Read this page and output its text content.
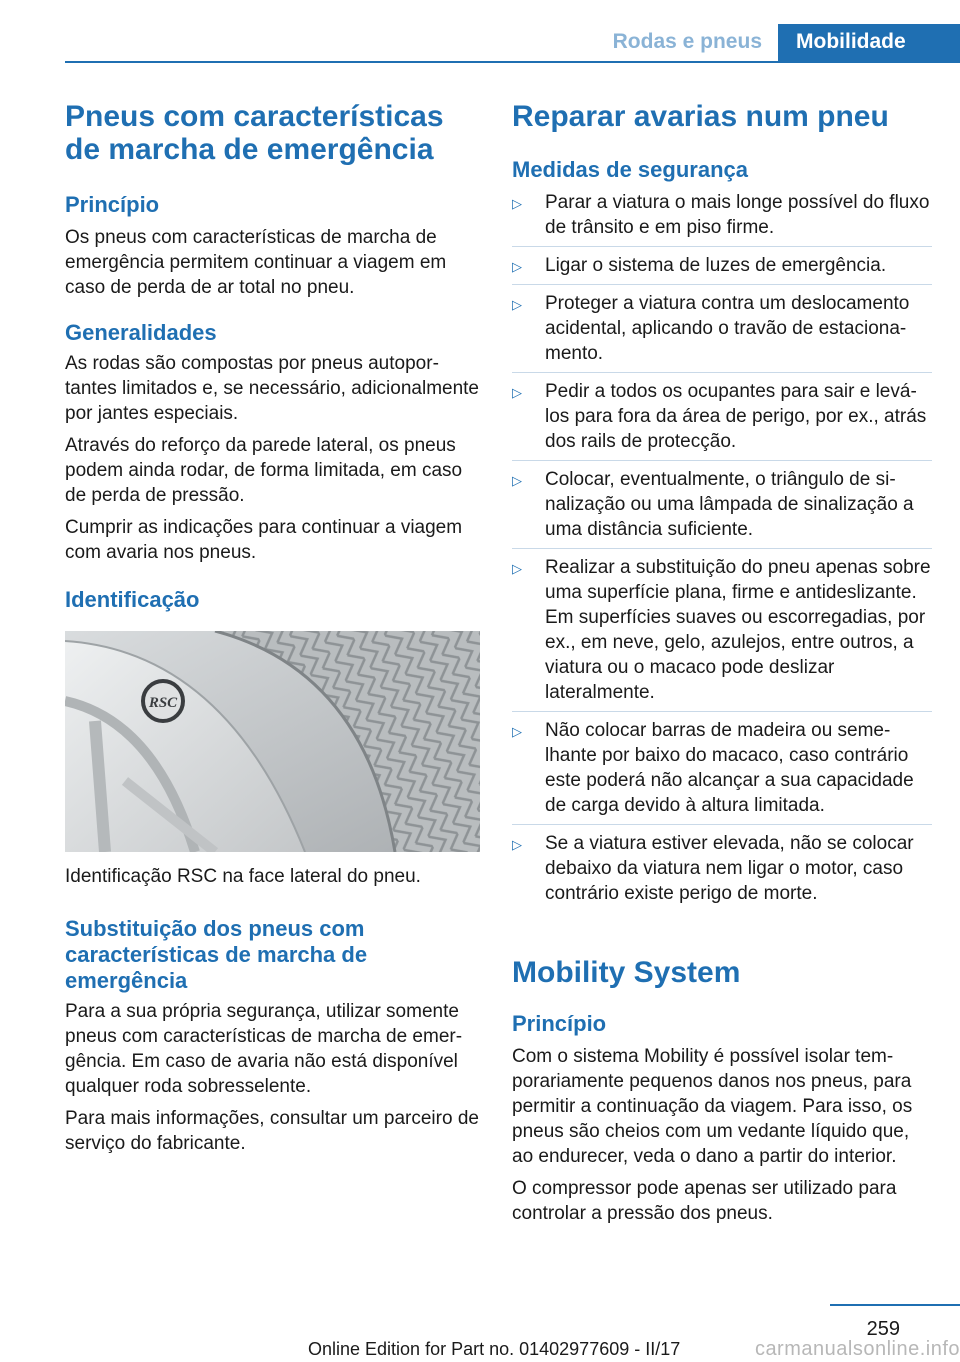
Rodas e pneus	Mobilidade
Pneus com características de marcha de emergência
Princípio

Os pneus com características de marcha de emergência permitem continuar a viagem em caso de perda de ar total no pneu.

Generalidades

As rodas são compostas por pneus autoportantes limitados e, se necessário, adicionalmente por jantes especiais.

Através do reforço da parede lateral, os pneus podem ainda rodar, de forma limitada, em caso de perda de pressão.

Cumprir as indicações para continuar a viagem com avaria nos pneus.

Identificação
RSC

Identificação RSC na face lateral do pneu.

Substituição dos pneus com características de marcha de emergência

Para a sua própria segurança, utilizar somente pneus com características de marcha de emergência. Em caso de avaria não está disponível qualquer roda sobresselente.

Para mais informações, consultar um parceiro de serviço do fabricante.

Reparar avarias num pneu
Medidas de segurança
▷ Parar a viatura o mais longe possível do fluxo de trânsito e em piso firme.
▷ Ligar o sistema de luzes de emergência.
▷ Proteger a viatura contra um deslocamento acidental, aplicando o travão de estacionamento.
▷ Pedir a todos os ocupantes para sair e levá-los para fora da área de perigo, por ex., atrás dos rails de protecção.
▷ Colocar, eventualmente, o triângulo de sinalização ou uma lâmpada de sinalização a uma distância suficiente.
▷ Realizar a substituição do pneu apenas sobre uma superfície plana, firme e antideslizante. Em superfícies suaves ou escorregadias, por ex., em neve, gelo, azulejos, entre outros, a viatura ou o macaco pode deslizar lateralmente.
▷ Não colocar barras de madeira ou semelhante por baixo do macaco, caso contrário este poderá não alcançar a sua capacidade de carga devido à altura limitada.
▷ Se a viatura estiver elevada, não se colocar debaixo da viatura nem ligar o motor, caso contrário existe perigo de morte.
Mobility System
Princípio

Com o sistema Mobility é possível isolar temporariamente pequenos danos nos pneus, para permitir a continuação da viagem. Para isso, os pneus são cheios com um vedante líquido que, ao endurecer, veda o dano a partir do interior.

O compressor pode apenas ser utilizado para controlar a pressão dos pneus.

259
Online Edition for Part no. 01402977609 - II/17	carmanualsonline.info
